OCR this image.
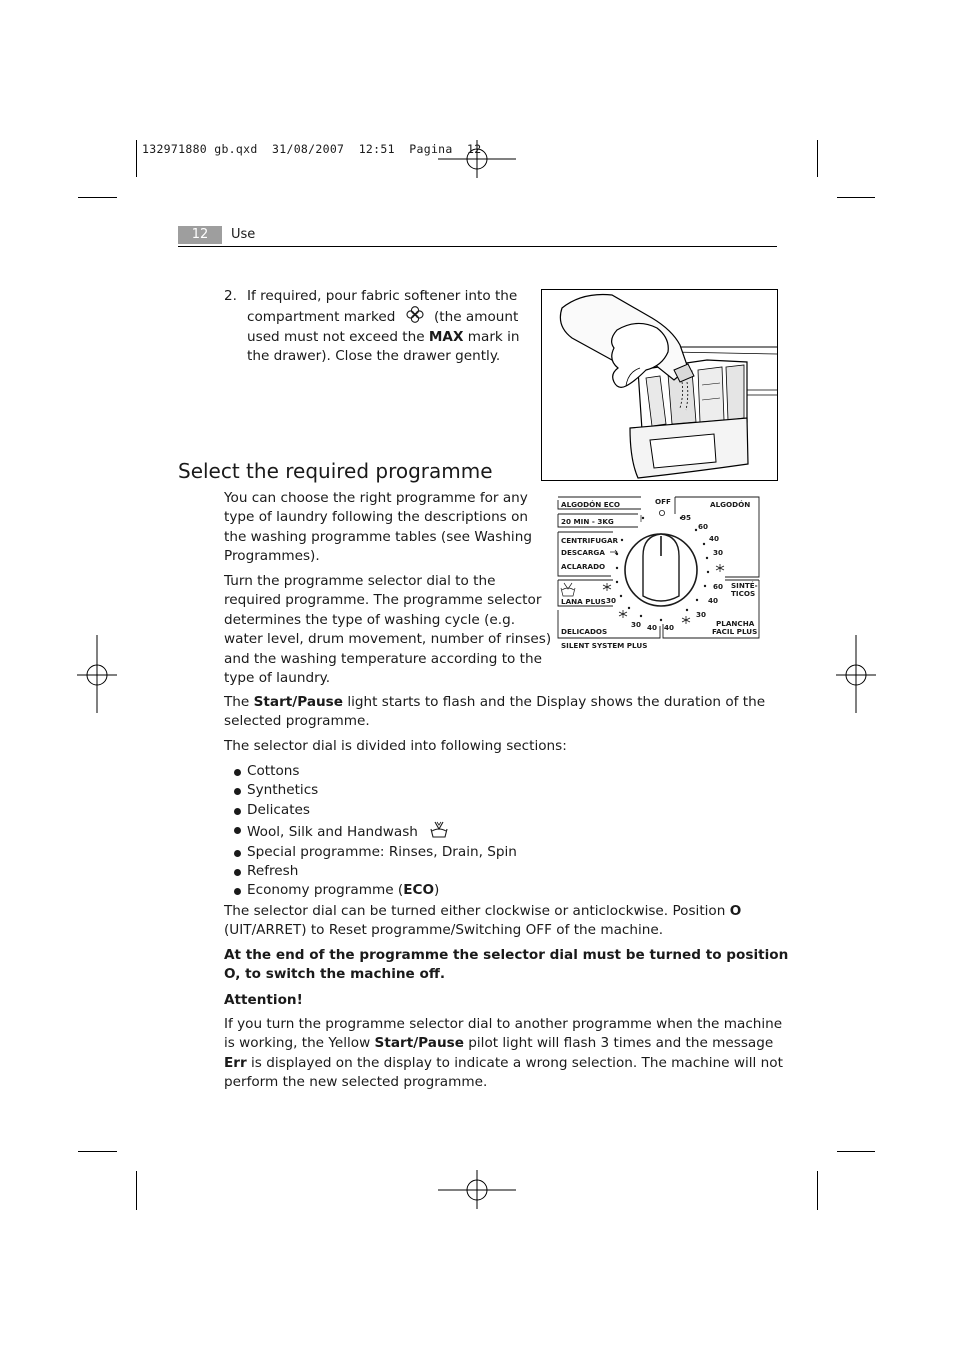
132971880 gb.qxd  31/08/2007  12:51  Pagina  12
12	Use
2. If required, pour fabric softener into the
compartment marked	(the amount
used must not exceed the MAX mark in
the drawer). Close the drawer gently.
Select the required programme
You can choose the right programme for any
type of laundry following the descriptions on
the washing programme tables (see Washing
Programmes).
Turn the programme selector dial to the
required programme. The programme selector
determines the type of washing cycle (e.g.
water level, drum movement, number of rinses)
and the washing temperature according to the
type of laundry.
ALGODÓN ECO	OFF	ALGODÓN
20 MIN - 3KG
CENTRIFUGAR
DESCARGA
ACLARADO
LANA PLUS
DELICADOS
SILENT SYSTEM PLUS
SINTÉ-
TICOS
PLANCHA
FACIL PLUS
95
60
40
30
60
40
30
30
30 40 40
The Start/Pause light starts to flash and the Display shows the duration of the
selected programme.
The selector dial is divided into following sections:
Cottons
Synthetics
Delicates
Wool, Silk and Handwash
Special programme: Rinses, Drain, Spin
Refresh
Economy programme (ECO)
The selector dial can be turned either clockwise or anticlockwise. Position O
(UIT/ARRET) to Reset programme/Switching OFF of the machine.
At the end of the programme the selector dial must be turned to position
O, to switch the machine off.
Attention!
If you turn the programme selector dial to another programme when the machine
is working, the Yellow Start/Pause pilot light will flash 3 times and the message
Err is displayed on the display to indicate a wrong selection. The machine will not
perform the new selected programme.
